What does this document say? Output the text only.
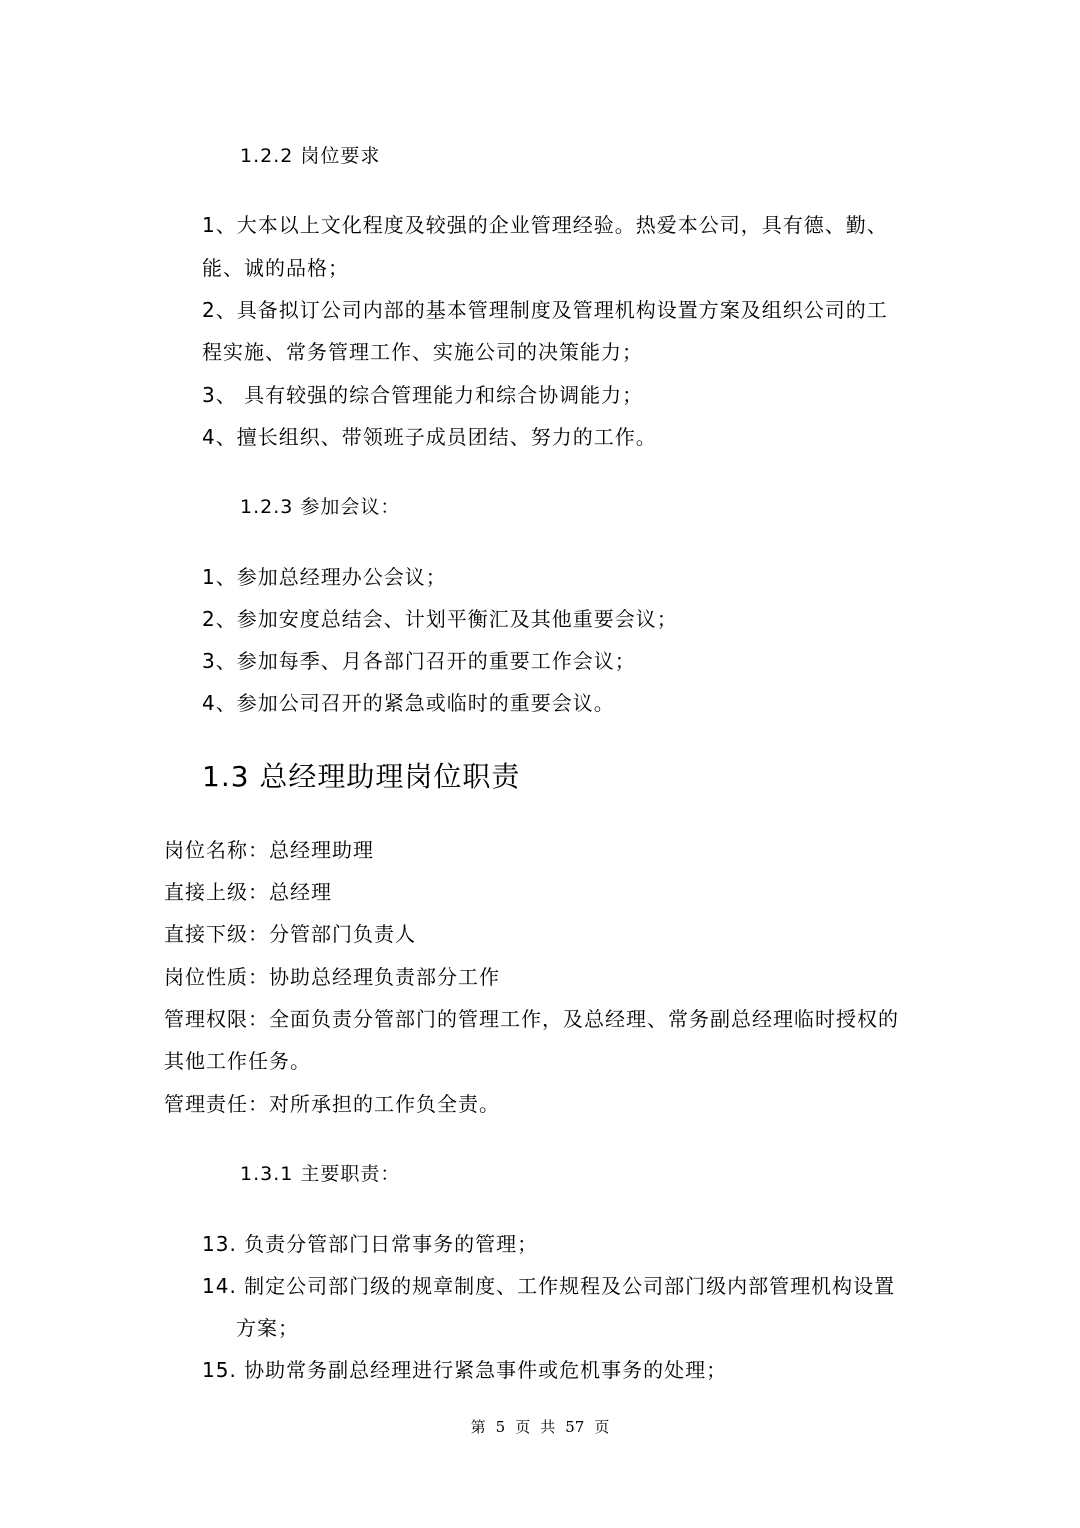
1.2.2 岗位要求
1、大本以上文化程度及较强的企业管理经验。热爱本公司，具有德、勤、
能、诚的品格；
2、具备拟订公司内部的基本管理制度及管理机构设置方案及组织公司的工
程实施、常务管理工作、实施公司的决策能力；
3、 具有较强的综合管理能力和综合协调能力；
4、擅长组织、带领班子成员团结、努力的工作。
1.2.3 参加会议：
1、参加总经理办公会议；
2、参加安度总结会、计划平衡汇及其他重要会议；
3、参加每季、月各部门召开的重要工作会议；
4、参加公司召开的紧急或临时的重要会议。
1.3 总经理助理岗位职责
岗位名称：总经理助理
直接上级：总经理
直接下级：分管部门负责人
岗位性质：协助总经理负责部分工作
管理权限：全面负责分管部门的管理工作，及总经理、常务副总经理临时授权的
其他工作任务。
管理责任：对所承担的工作负全责。
1.3.1 主要职责：
13. 负责分管部门日常事务的管理；
14. 制定公司部门级的规章制度、工作规程及公司部门级内部管理机构设置
方案；
15. 协助常务副总经理进行紧急事件或危机事务的处理；
第 5 页 共 57 页
